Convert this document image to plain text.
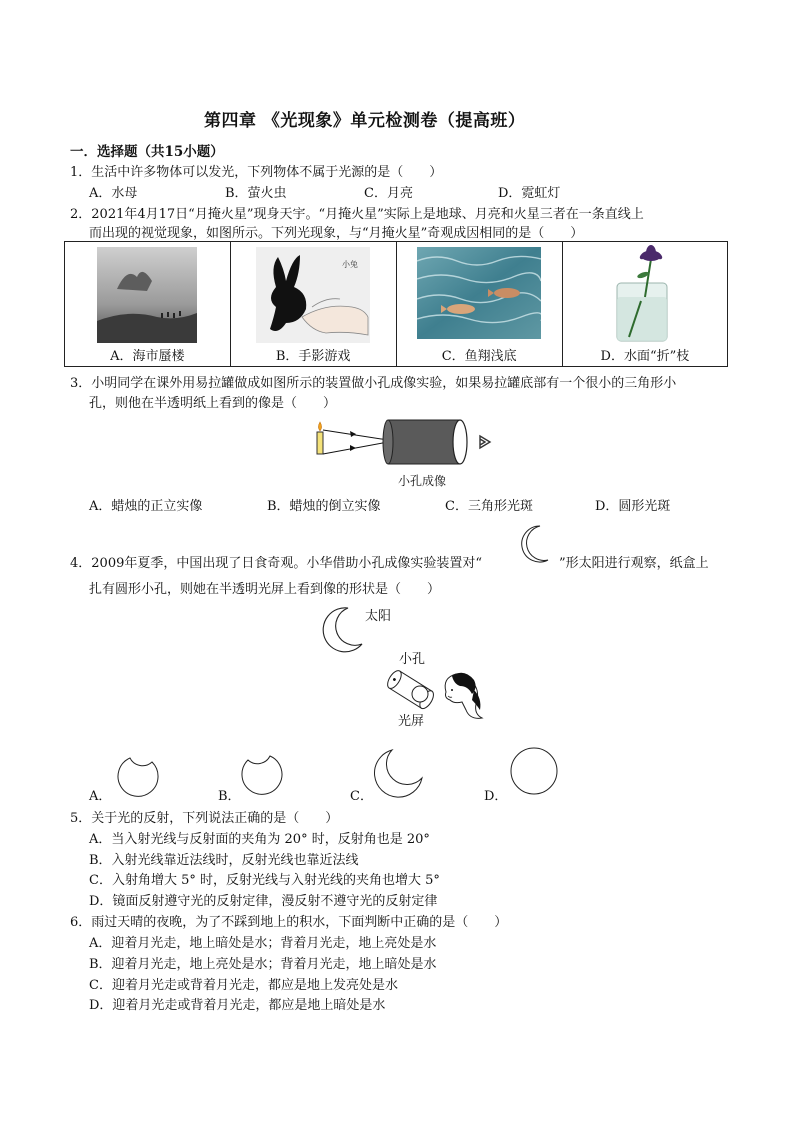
第四章 《光现象》单元检测卷（提高班）
一．选择题（共15小题）
1．生活中许多物体可以发光，下列物体不属于光源的是（　　）
A．水母	B．萤火虫	C．月亮	D．霓虹灯
2．2021年4月17日“月掩火星”现身天宇。“月掩火星”实际上是地球、月亮和火星三者在一条直线上
而出现的视觉现象，如图所示。下列光现象，与“月掩火星”奇观成因相同的是（　　）
A．海市蜃楼

小兔
B．手影游戏	C．鱼翔浅底	D．水面“折”枝
3．小明同学在课外用易拉罐做成如图所示的装置做小孔成像实验，如果易拉罐底部有一个很小的三角形小
孔，则他在半透明纸上看到的像是（　　）
小孔成像
A．蜡烛的正立实像	B．蜡烛的倒立实像	C．三角形光斑	D．圆形光斑
4．2009年夏季，中国出现了日食奇观。小华借助小孔成像实验装置对“	”形太阳进行观察，纸盒上
扎有圆形小孔，则她在半透明光屏上看到像的形状是（　　）
太阳
小孔
光屏
A．	B．	C．	D．
5．关于光的反射，下列说法正确的是（　　）
A．当入射光线与反射面的夹角为 20° 时，反射角也是 20°
B．入射光线靠近法线时，反射光线也靠近法线
C．入射角增大 5° 时，反射光线与入射光线的夹角也增大 5°
D．镜面反射遵守光的反射定律，漫反射不遵守光的反射定律
6．雨过天晴的夜晚，为了不踩到地上的积水，下面判断中正确的是（　　）
A．迎着月光走，地上暗处是水；背着月光走，地上亮处是水
B．迎着月光走，地上亮处是水；背着月光走，地上暗处是水
C．迎着月光走或背着月光走，都应是地上发亮处是水
D．迎着月光走或背着月光走，都应是地上暗处是水
